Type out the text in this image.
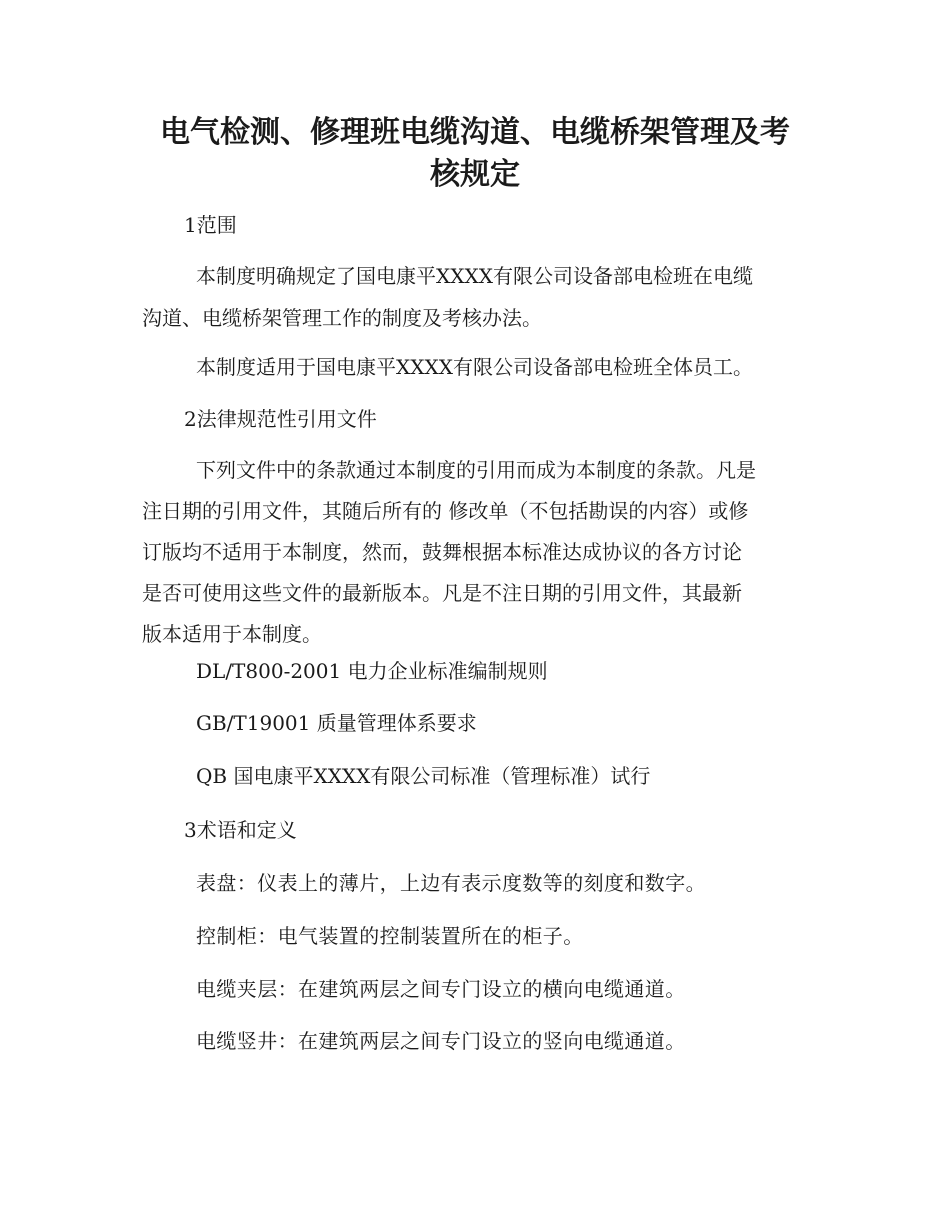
电气检测、修理班电缆沟道、电缆桥架管理及考
核规定

1范围

本制度明确规定了国电康平XXXX有限公司设备部电检班在电缆
沟道、电缆桥架管理工作的制度及考核办法。

本制度适用于国电康平XXXX有限公司设备部电检班全体员工。

2法律规范性引用文件

下列文件中的条款通过本制度的引用而成为本制度的条款。凡是
注日期的引用文件，其随后所有的 修改单（不包括勘误的内容）或修
订版均不适用于本制度，然而，鼓舞根据本标准达成协议的各方讨论
是否可使用这些文件的最新版本。凡是不注日期的引用文件，其最新
版本适用于本制度。

DL/T800-2001 电力企业标准编制规则

GB/T19001 质量管理体系要求

QB 国电康平XXXX有限公司标准（管理标准）试行

3术语和定义

表盘：仪表上的薄片，上边有表示度数等的刻度和数字。

控制柜：电气装置的控制装置所在的柜子。

电缆夹层：在建筑两层之间专门设立的横向电缆通道。

电缆竖井：在建筑两层之间专门设立的竖向电缆通道。
